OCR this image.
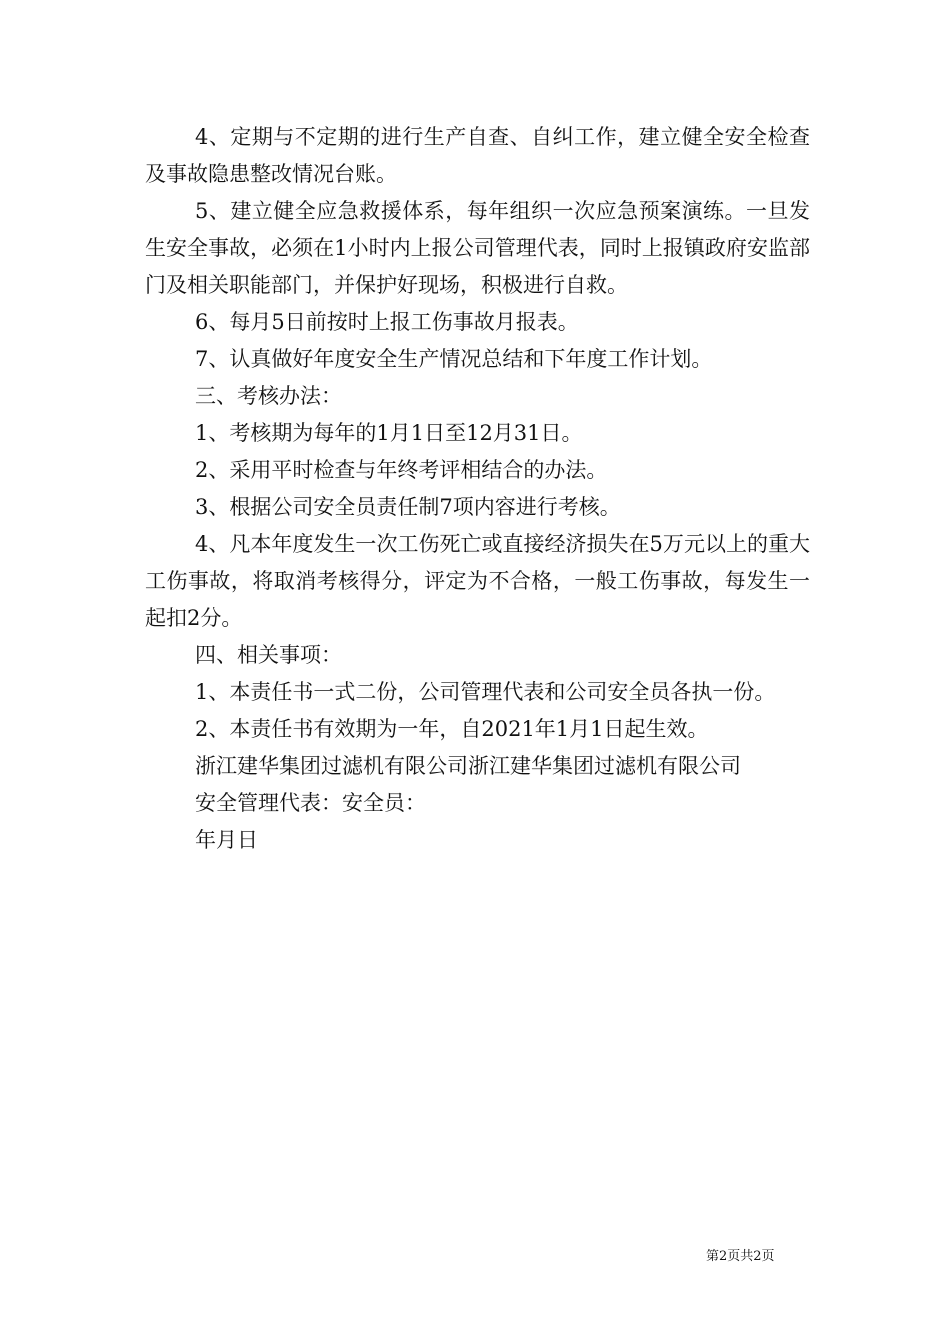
4、定期与不定期的进行生产自查、自纠工作，建立健全安全检查及事故隐患整改情况台账。

5、建立健全应急救援体系，每年组织一次应急预案演练。一旦发生安全事故，必须在1小时内上报公司管理代表，同时上报镇政府安监部门及相关职能部门，并保护好现场，积极进行自救。

6、每月5日前按时上报工伤事故月报表。

7、认真做好年度安全生产情况总结和下年度工作计划。

三、考核办法：

1、考核期为每年的1月1日至12月31日。

2、采用平时检查与年终考评相结合的办法。

3、根据公司安全员责任制7项内容进行考核。

4、凡本年度发生一次工伤死亡或直接经济损失在5万元以上的重大工伤事故，将取消考核得分，评定为不合格，一般工伤事故，每发生一起扣2分。

四、相关事项：

1、本责任书一式二份，公司管理代表和公司安全员各执一份。

2、本责任书有效期为一年，自2021年1月1日起生效。

浙江建华集团过滤机有限公司浙江建华集团过滤机有限公司

安全管理代表：安全员：

年月日

第2页共2页
